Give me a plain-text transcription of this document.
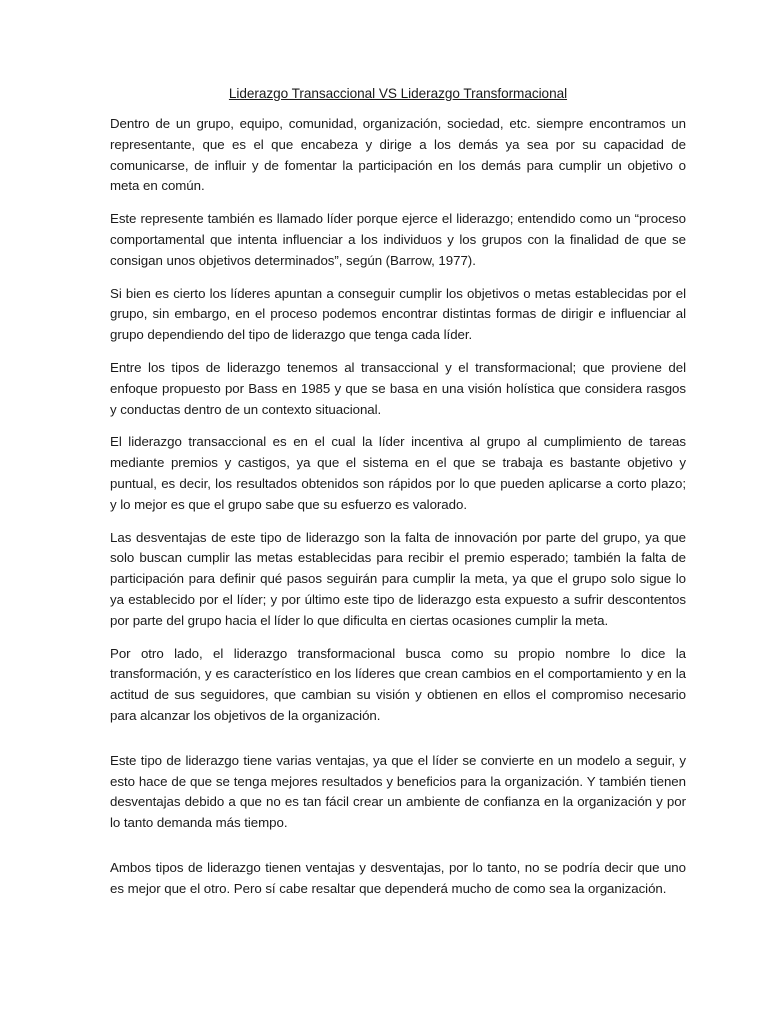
Liderazgo Transaccional VS Liderazgo Transformacional

Dentro de un grupo, equipo, comunidad, organización, sociedad, etc. siempre encontramos un representante, que es el que encabeza y dirige a los demás ya sea por su capacidad de comunicarse, de influir y de fomentar la participación en los demás para cumplir un objetivo o meta en común.

Este represente también es llamado líder porque ejerce el liderazgo; entendido como un “proceso comportamental que intenta influenciar a los individuos y los grupos con la finalidad de que se consigan unos objetivos determinados”, según (Barrow, 1977).

Si bien es cierto los líderes apuntan a conseguir cumplir los objetivos o metas establecidas por el grupo, sin embargo, en el proceso podemos encontrar distintas formas de dirigir e influenciar al grupo dependiendo del tipo de liderazgo que tenga cada líder.

Entre los tipos de liderazgo tenemos al transaccional y el transformacional; que proviene del enfoque propuesto por Bass en 1985 y que se basa en una visión holística que considera rasgos y conductas dentro de un contexto situacional.

El liderazgo transaccional es en el cual la líder incentiva al grupo al cumplimiento de tareas mediante premios y castigos, ya que el sistema en el que se trabaja es bastante objetivo y puntual, es decir, los resultados obtenidos son rápidos por lo que pueden aplicarse a corto plazo; y lo mejor es que el grupo sabe que su esfuerzo es valorado.

Las desventajas de este tipo de liderazgo son la falta de innovación por parte del grupo, ya que solo buscan cumplir las metas establecidas para recibir el premio esperado; también la falta de participación para definir qué pasos seguirán para cumplir la meta, ya que el grupo solo sigue lo ya establecido por el líder; y por último este tipo de liderazgo esta expuesto a sufrir descontentos por parte del grupo hacia el líder lo que dificulta en ciertas ocasiones cumplir la meta.

Por otro lado, el liderazgo transformacional busca como su propio nombre lo dice la transformación, y es característico en los líderes que crean cambios en el comportamiento y en la actitud de sus seguidores, que cambian su visión y obtienen en ellos el compromiso necesario para alcanzar los objetivos de la organización.

Este tipo de liderazgo tiene varias ventajas, ya que el líder se convierte en un modelo a seguir, y esto hace de que se tenga mejores resultados y beneficios para la organización. Y también tienen desventajas debido a que no es tan fácil crear un ambiente de confianza en la organización y por lo tanto demanda más tiempo.

Ambos tipos de liderazgo tienen ventajas y desventajas, por lo tanto, no se podría decir que uno es mejor que el otro. Pero sí cabe resaltar que dependerá mucho de como sea la organización.
